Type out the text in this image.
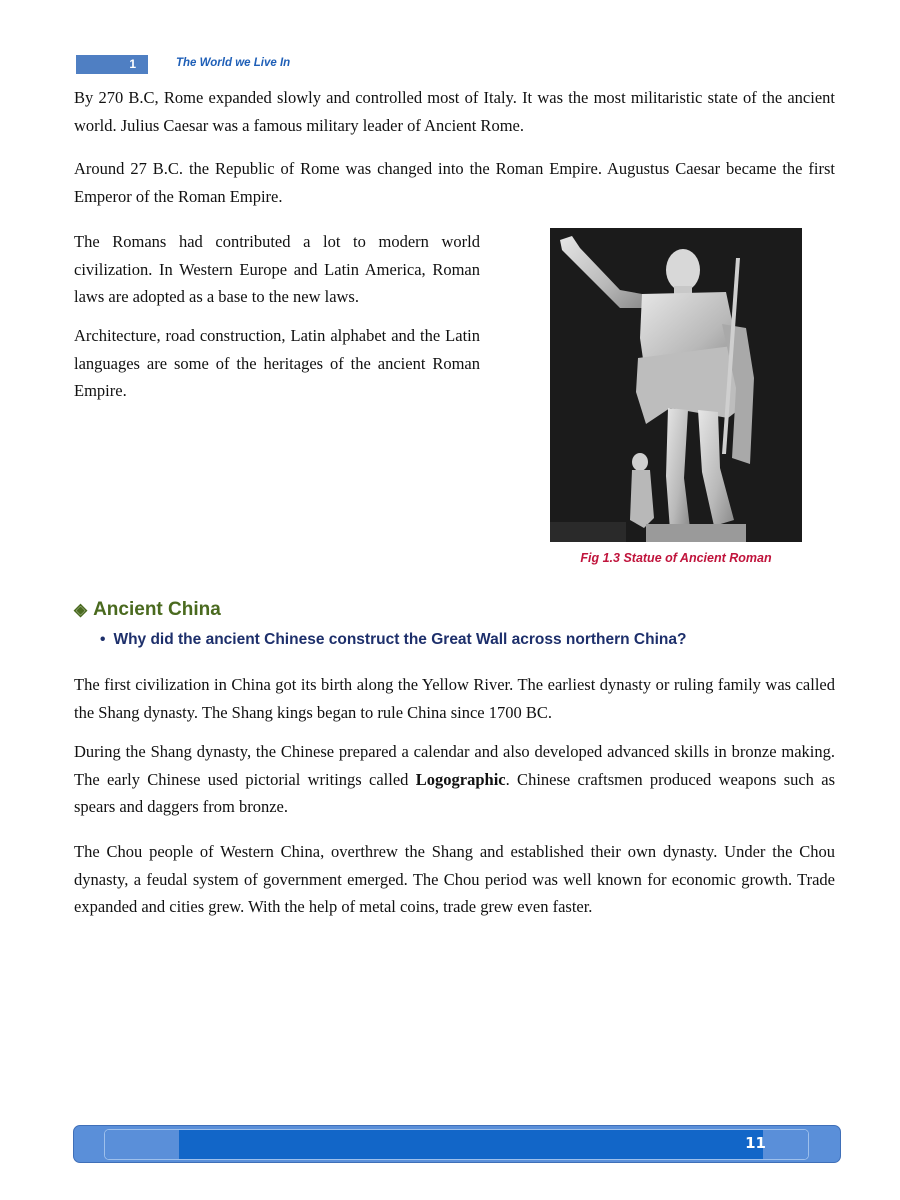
1	The World we Live In

By 270 B.C, Rome expanded slowly and controlled most of Italy. It was the most militaristic state of the ancient world. Julius Caesar was a famous military leader of Ancient Rome.

Around 27 B.C. the Republic of Rome was changed into the Roman Empire. Augustus Caesar became the first Emperor of the Roman Empire.

The Romans had contributed a lot to modern world civilization. In Western Europe and Latin America, Roman laws are adopted as a base to the new laws.

Architecture, road construction, Latin alphabet and the Latin languages are some of the heritages of the ancient Roman Empire.

Fig 1.3 Statue of Ancient Roman
◈ Ancient China
• Why did the ancient Chinese construct the Great Wall across northern China?

The first civilization in China got its birth along the Yellow River. The earliest dynasty or ruling family was called the Shang dynasty. The Shang kings began to rule China since 1700 BC.

During the Shang dynasty, the Chinese prepared a calendar and also developed advanced skills in bronze making. The early Chinese used pictorial writings called Logographic. Chinese craftsmen produced weapons such as spears and daggers from bronze.

The Chou people of Western China, overthrew the Shang and established their own dynasty. Under the Chou dynasty, a feudal system of government emerged. The Chou period was well known for economic growth. Trade expanded and cities grew. With the help of metal coins, trade grew even faster.

11
